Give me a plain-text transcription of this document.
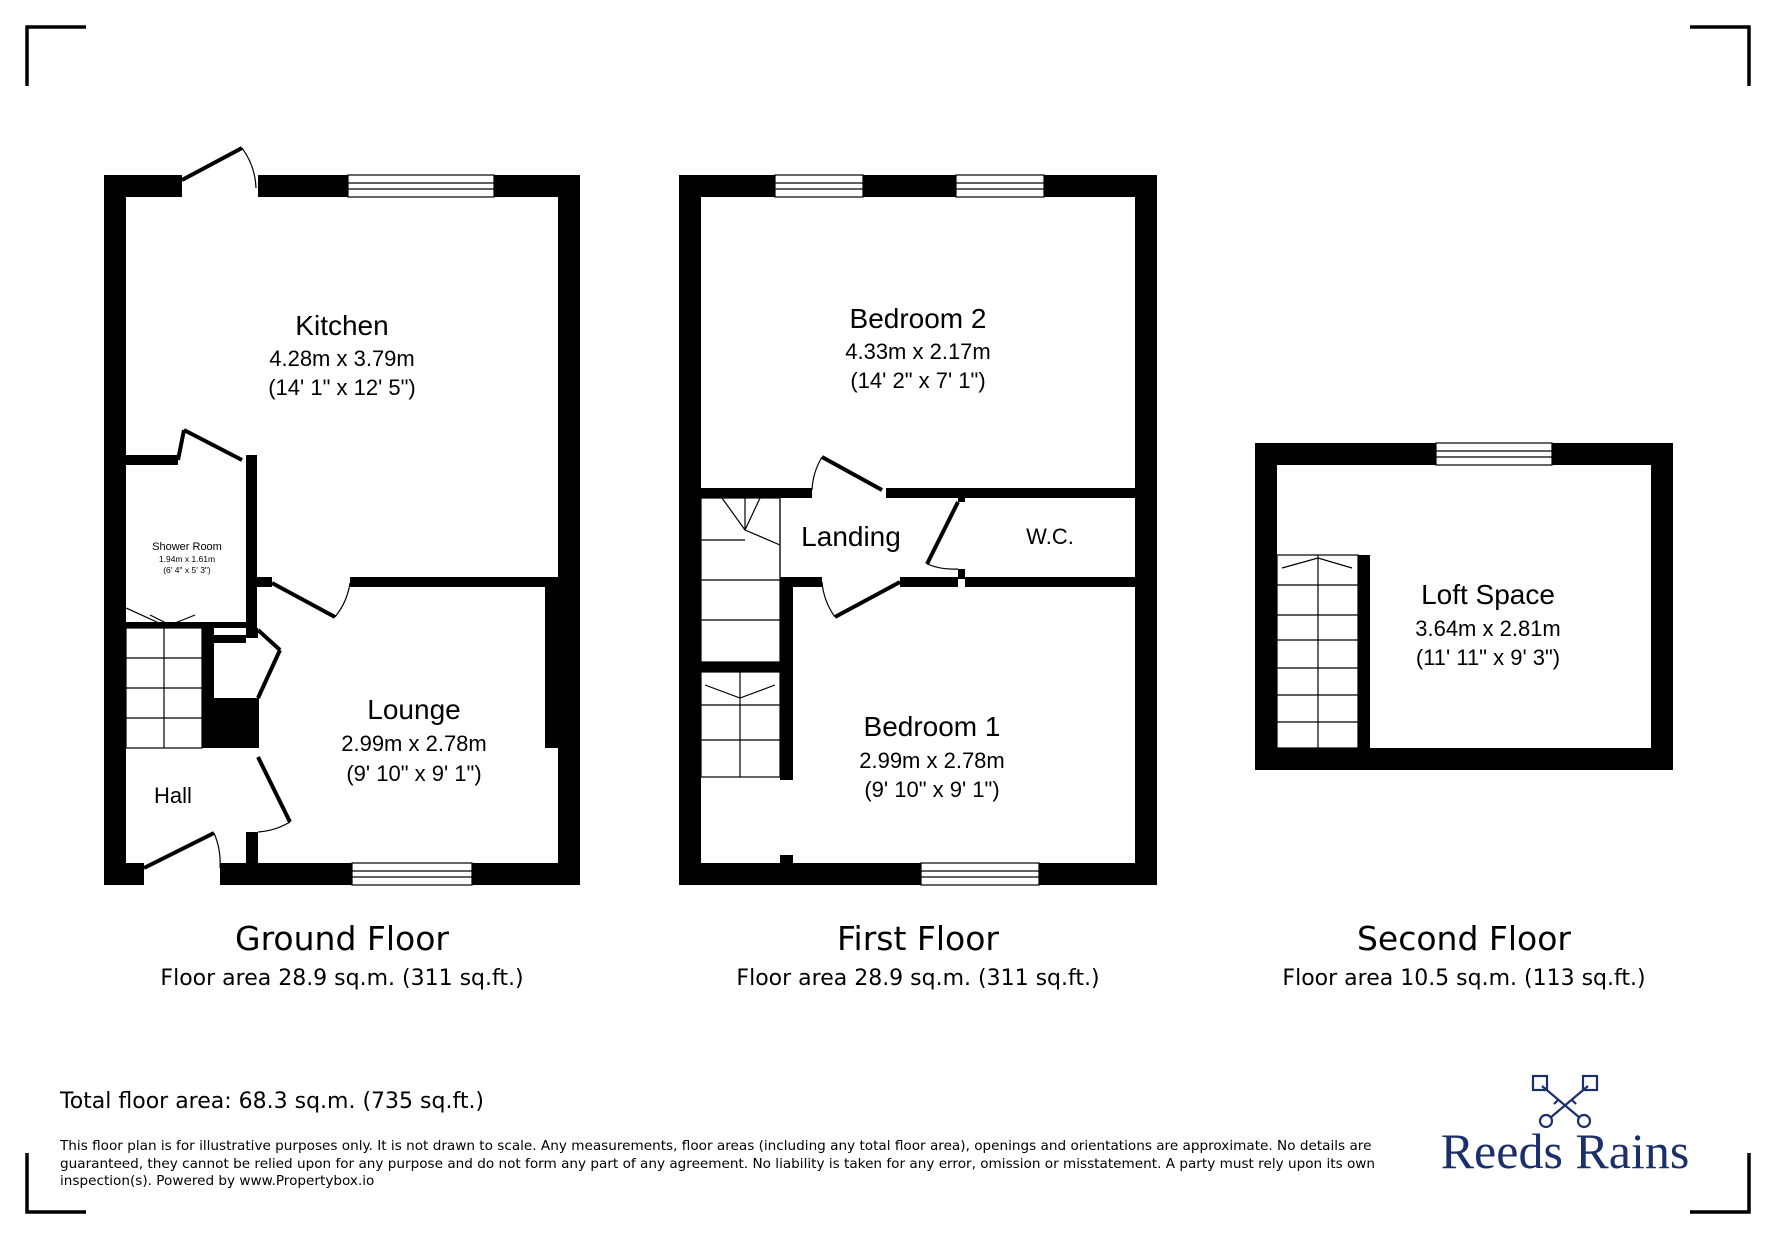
Kitchen
4.28m x 3.79m
(14' 1" x 12' 5")
Shower Room
1.94m x 1.61m
(6' 4" x 5' 3")
Lounge
2.99m x 2.78m
(9' 10" x 9' 1")
Hall
Bedroom 2
4.33m x 2.17m
(14' 2" x 7' 1")
Landing	W.C.
Bedroom 1
2.99m x 2.78m
(9' 10" x 9' 1")
Loft Space
3.64m x 2.81m
(11' 11" x 9' 3")
Ground Floor
Floor area 28.9 sq.m. (311 sq.ft.)
First Floor
Floor area 28.9 sq.m. (311 sq.ft.)
Second Floor
Floor area 10.5 sq.m. (113 sq.ft.)
Total floor area: 68.3 sq.m. (735 sq.ft.)
This floor plan is for illustrative purposes only. It is not drawn to scale. Any measurements, floor areas (including any total floor area), openings and orientations are approximate. No details are guaranteed, they cannot be relied upon for any purpose and do not form any part of any agreement. No liability is taken for any error, omission or misstatement. A party must rely upon its own inspection(s). Powered by www.Propertybox.io
Reeds Rains
